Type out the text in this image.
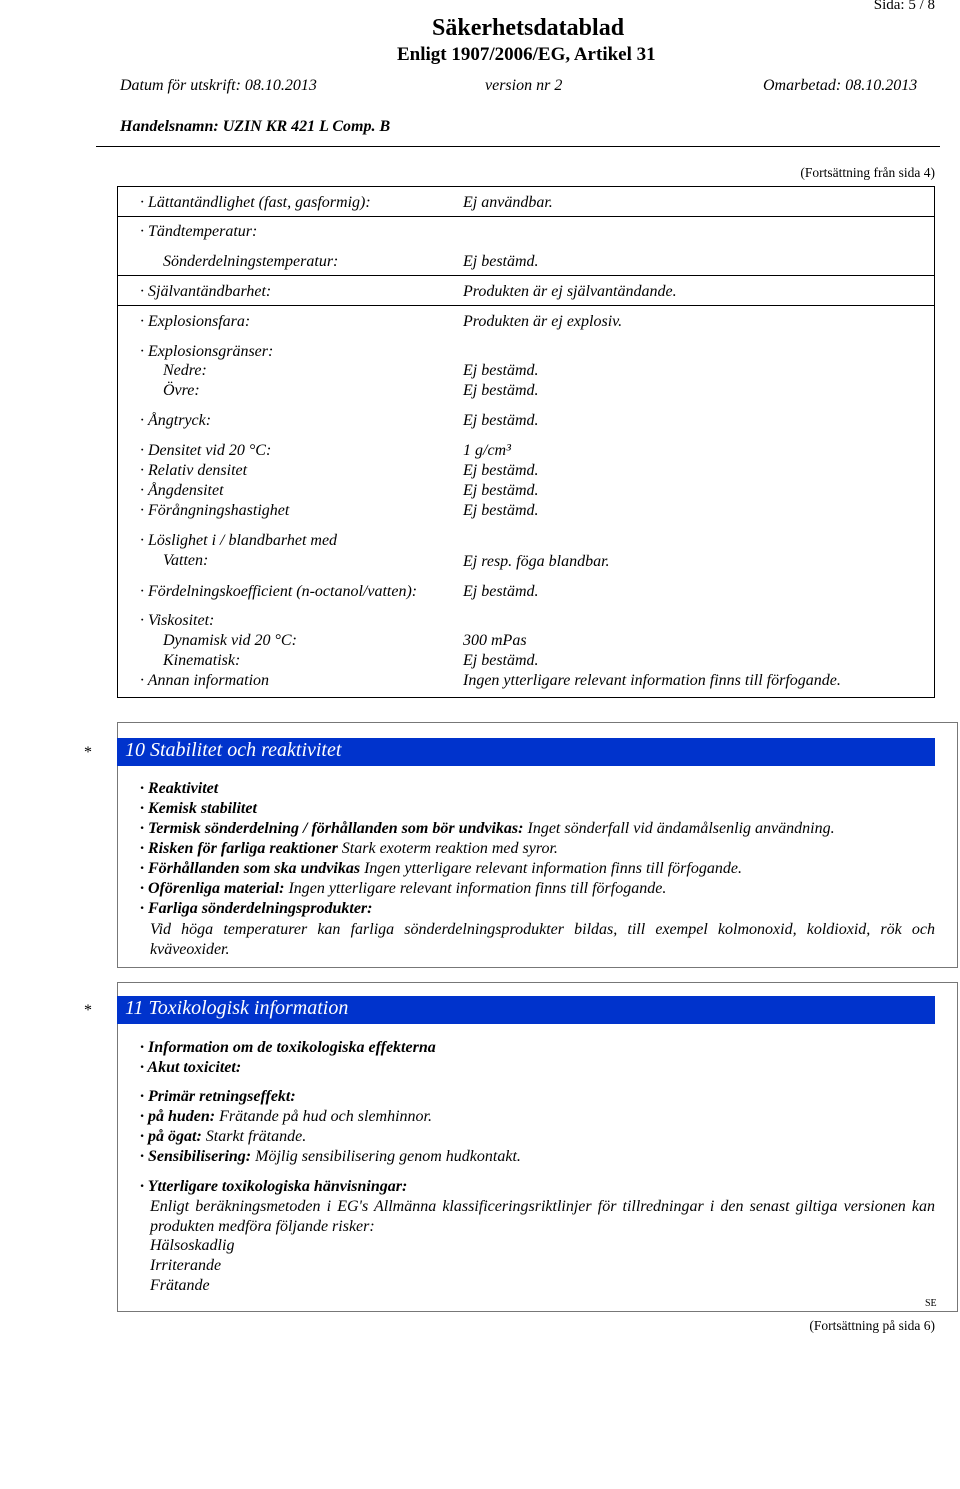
Sida: 5 / 8
Säkerhetsdatablad
Enligt 1907/2006/EG, Artikel 31
Datum för utskrift: 08.10.2013	version nr 2	Omarbetad: 08.10.2013
Handelsnamn: UZIN KR 421 L Comp. B
(Fortsättning från sida 4)
· Lättantändlighet (fast, gasformig):	Ej användbar.
· Tändtemperatur:
Sönderdelningstemperatur:	Ej bestämd.
· Självantändbarhet:	Produkten är ej självantändande.
· Explosionsfara:	Produkten är ej explosiv.
· Explosionsgränser:
Nedre:	Ej bestämd.
Övre:	Ej bestämd.
· Ångtryck:	Ej bestämd.
· Densitet vid 20 °C:	1 g/cm³
· Relativ densitet	Ej bestämd.
· Ångdensitet	Ej bestämd.
· Förångningshastighet	Ej bestämd.
· Löslighet i / blandbarhet med
Vatten:	Ej resp. föga blandbar.
· Fördelningskoefficient (n-octanol/vatten):	Ej bestämd.
· Viskositet:
Dynamisk vid 20 °C:	300 mPas
Kinematisk:	Ej bestämd.
· Annan information	Ingen ytterligare relevant information finns till förfogande.
* 10 Stabilitet och reaktivitet
· Reaktivitet
· Kemisk stabilitet
· Termisk sönderdelning / förhållanden som bör undvikas: Inget sönderfall vid ändamålsenlig användning.
· Risken för farliga reaktioner Stark exoterm reaktion med syror.
· Förhållanden som ska undvikas Ingen ytterligare relevant information finns till förfogande.
· Oförenliga material: Ingen ytterligare relevant information finns till förfogande.
· Farliga sönderdelningsprodukter:
Vid höga temperaturer kan farliga sönderdelningsprodukter bildas, till exempel kolmonoxid, koldioxid, rök och kväveoxider.
* 11 Toxikologisk information
· Information om de toxikologiska effekterna
· Akut toxicitet:
· Primär retningseffekt:
· på huden: Frätande på hud och slemhinnor.
· på ögat: Starkt frätande.
· Sensibilisering: Möjlig sensibilisering genom hudkontakt.
· Ytterligare toxikologiska hänvisningar:
Enligt beräkningsmetoden i EG's Allmänna klassificeringsriktlinjer för tillredningar i den senast giltiga versionen kan produkten medföra följande risker:
Hälsoskadlig
Irriterande
Frätande
SE
(Fortsättning på sida 6)
